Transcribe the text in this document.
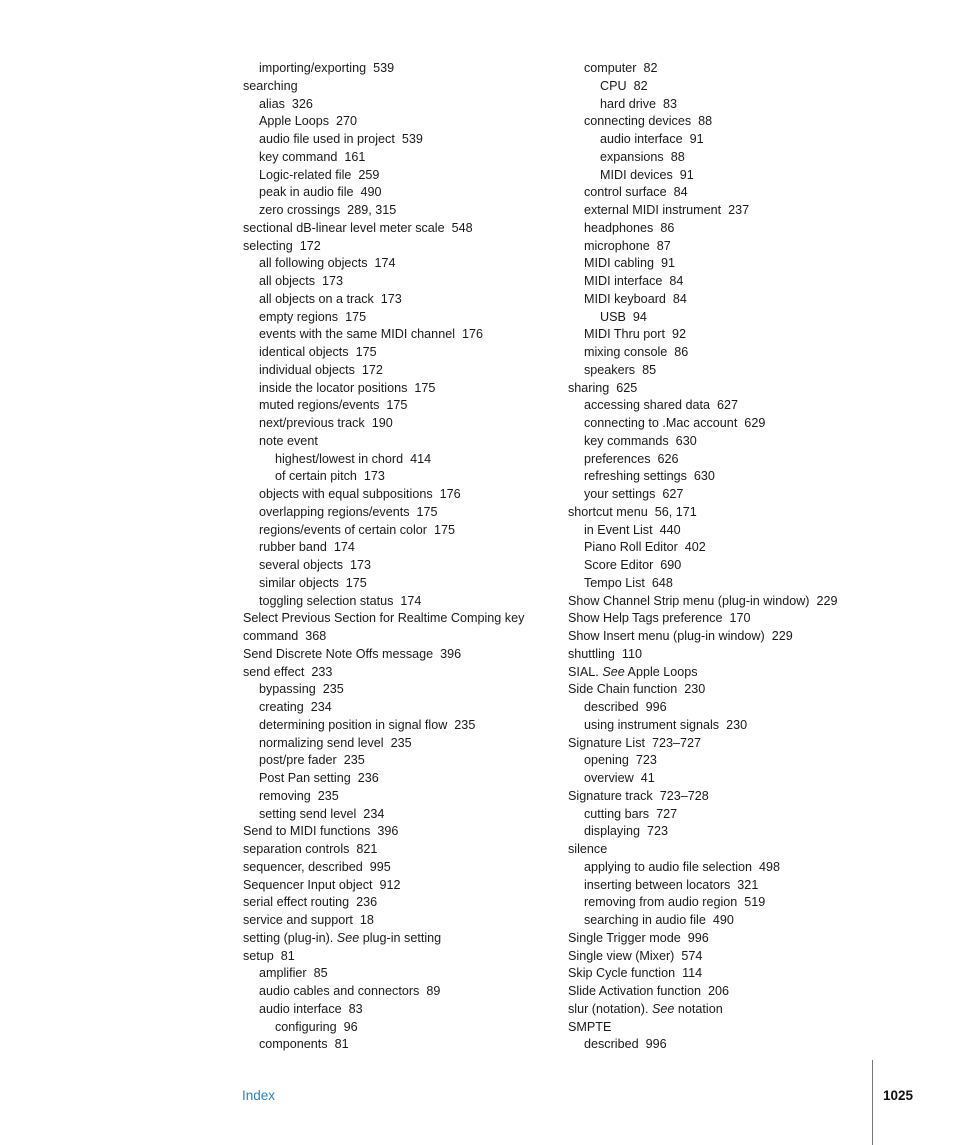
importing/exporting  539
searching
alias  326
Apple Loops  270
audio file used in project  539
key command  161
Logic-related file  259
peak in audio file  490
zero crossings  289, 315
sectional dB-linear level meter scale  548
selecting  172
all following objects  174
all objects  173
all objects on a track  173
empty regions  175
events with the same MIDI channel  176
identical objects  175
individual objects  172
inside the locator positions  175
muted regions/events  175
next/previous track  190
note event
highest/lowest in chord  414
of certain pitch  173
objects with equal subpositions  176
overlapping regions/events  175
regions/events of certain color  175
rubber band  174
several objects  173
similar objects  175
toggling selection status  174
Select Previous Section for Realtime Comping key
command  368
Send Discrete Note Offs message  396
send effect  233
bypassing  235
creating  234
determining position in signal flow  235
normalizing send level  235
post/pre fader  235
Post Pan setting  236
removing  235
setting send level  234
Send to MIDI functions  396
separation controls  821
sequencer, described  995
Sequencer Input object  912
serial effect routing  236
service and support  18
setting (plug-in). See plug-in setting
setup  81
amplifier  85
audio cables and connectors  89
audio interface  83
configuring  96
components  81
computer  82
CPU  82
hard drive  83
connecting devices  88
audio interface  91
expansions  88
MIDI devices  91
control surface  84
external MIDI instrument  237
headphones  86
microphone  87
MIDI cabling  91
MIDI interface  84
MIDI keyboard  84
USB  94
MIDI Thru port  92
mixing console  86
speakers  85
sharing  625
accessing shared data  627
connecting to .Mac account  629
key commands  630
preferences  626
refreshing settings  630
your settings  627
shortcut menu  56, 171
in Event List  440
Piano Roll Editor  402
Score Editor  690
Tempo List  648
Show Channel Strip menu (plug-in window)  229
Show Help Tags preference  170
Show Insert menu (plug-in window)  229
shuttling  110
SIAL. See Apple Loops
Side Chain function  230
described  996
using instrument signals  230
Signature List  723–727
opening  723
overview  41
Signature track  723–728
cutting bars  727
displaying  723
silence
applying to audio file selection  498
inserting between locators  321
removing from audio region  519
searching in audio file  490
Single Trigger mode  996
Single view (Mixer)  574
Skip Cycle function  114
Slide Activation function  206
slur (notation). See notation
SMPTE
described  996
Index	1025
